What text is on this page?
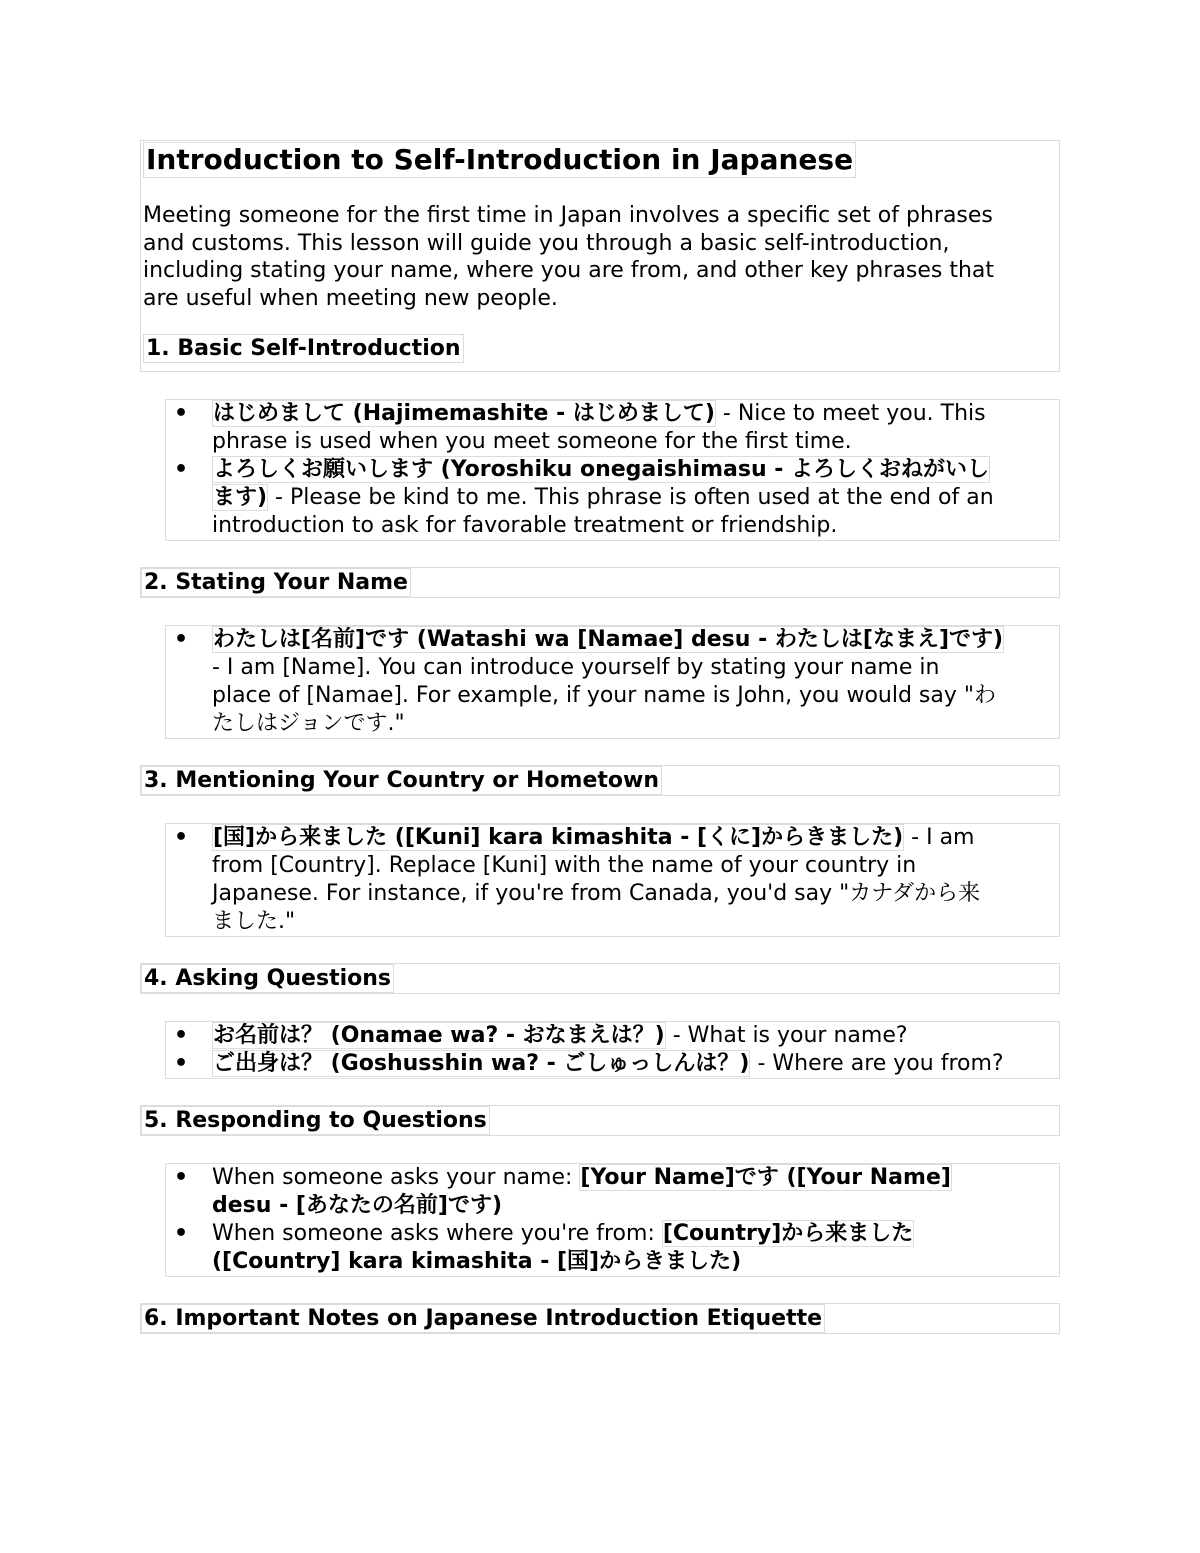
Introduction to Self-Introduction in Japanese
Meeting someone for the first time in Japan involves a specific set of phrases
and customs. This lesson will guide you through a basic self-introduction,
including stating your name, where you are from, and other key phrases that
are useful when meeting new people.
1. Basic Self-Introduction
• はじめまして (Hajimemashite - はじめまして) - Nice to meet you. This
phrase is used when you meet someone for the first time.
• よろしくお願いします (Yoroshiku onegaishimasu - よろしくおねがいし
ます) - Please be kind to me. This phrase is often used at the end of an
introduction to ask for favorable treatment or friendship.
2. Stating Your Name
• わたしは[名前]です (Watashi wa [Namae] desu - わたしは[なまえ]です)
- I am [Name]. You can introduce yourself by stating your name in
place of [Namae]. For example, if your name is John, you would say "わ
たしはジョンです."
3. Mentioning Your Country or Hometown
• [国]から来ました ([Kuni] kara kimashita - [くに]からきました) - I am
from [Country]. Replace [Kuni] with the name of your country in
Japanese. For instance, if you're from Canada, you'd say "カナダから来
ました."
4. Asking Questions
• お名前は？ (Onamae wa? - おなまえは？) - What is your name?
• ご出身は？ (Goshusshin wa? - ごしゅっしんは？) - Where are you from?
5. Responding to Questions
• When someone asks your name: [Your Name]です ([Your Name]
desu - [あなたの名前]です)
• When someone asks where you're from: [Country]から来ました
([Country] kara kimashita - [国]からきました)
6. Important Notes on Japanese Introduction Etiquette
